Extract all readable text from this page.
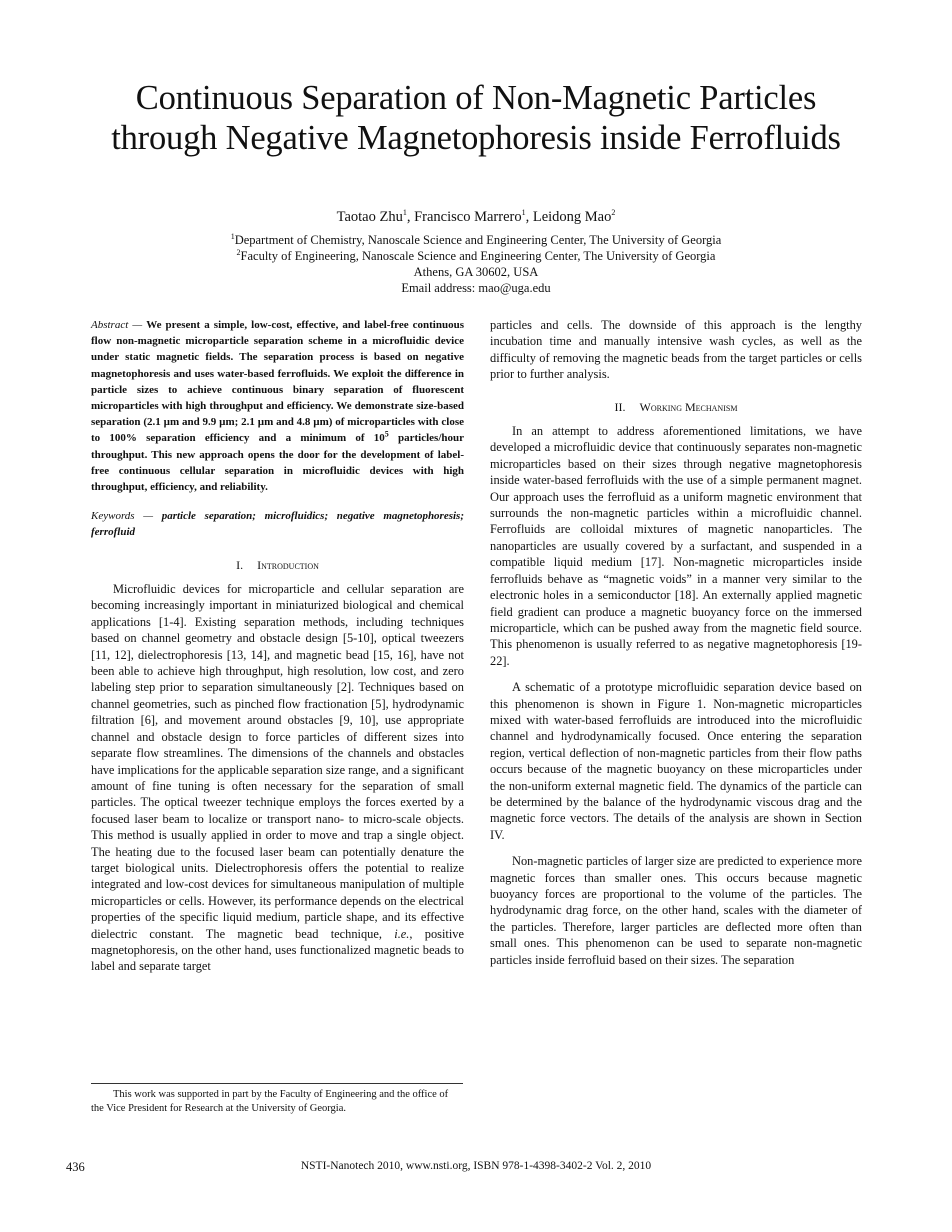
Continuous Separation of Non-Magnetic Particles
through Negative Magnetophoresis inside Ferrofluids
Taotao Zhu$^1$, Francisco Marrero$^1$, Leidong Mao$^2$
$^1$Department of Chemistry, Nanoscale Science and Engineering Center, The University of Georgia
$^2$Faculty of Engineering, Nanoscale Science and Engineering Center, The University of Georgia
Athens, GA 30602, USA
Email address: mao@uga.edu

Abstract — We present a simple, low-cost, effective, and label-free continuous flow non-magnetic microparticle separation scheme in a microfluidic device under static magnetic fields. The separation process is based on negative magnetophoresis and uses water-based ferrofluids. We exploit the difference in particle sizes to achieve continuous binary separation of fluorescent microparticles with high throughput and efficiency. We demonstrate size-based separation (2.1 µm and 9.9 µm; 2.1 µm and 4.8 µm) of microparticles with close to 100% separation efficiency and a minimum of $10^5$ particles/hour throughput. This new approach opens the door for the development of label-free continuous cellular separation in microfluidic devices with high throughput, efficiency, and reliability.

Keywords — particle separation; microfluidics; negative magnetophoresis; ferrofluid

I. Introduction

Microfluidic devices for microparticle and cellular separation are becoming increasingly important in miniaturized biological and chemical applications [1-4]. Existing separation methods, including techniques based on channel geometry and obstacle design [5-10], optical tweezers [11, 12], dielectrophoresis [13, 14], and magnetic bead [15, 16], have not been able to achieve high throughput, high resolution, low cost, and zero labeling step prior to separation simultaneously [2]. Techniques based on channel geometries, such as pinched flow fractionation [5], hydrodynamic filtration [6], and movement around obstacles [9, 10], use appropriate channel and obstacle design to force particles of different sizes into separate flow streamlines. The dimensions of the channels and obstacles have implications for the applicable separation size range, and a significant amount of fine tuning is often necessary for the separation of small particles. The optical tweezer technique employs the forces exerted by a focused laser beam to localize or transport nano- to micro-scale objects. This method is usually applied in order to move and trap a single object. The heating due to the focused laser beam can potentially denature the target biological units. Dielectrophoresis offers the potential to realize integrated and low-cost devices for simultaneous manipulation of multiple microparticles or cells. However, its performance depends on the electrical properties of the specific liquid medium, particle shape, and its effective dielectric constant. The magnetic bead technique, i.e., positive magnetophoresis, on the other hand, uses functionalized magnetic beads to label and separate target

particles and cells. The downside of this approach is the lengthy incubation time and manually intensive wash cycles, as well as the difficulty of removing the magnetic beads from the target particles or cells prior to further analysis.

II. Working Mechanism

In an attempt to address aforementioned limitations, we have developed a microfluidic device that continuously separates non-magnetic microparticles based on their sizes through negative magnetophoresis inside water-based ferrofluids with the use of a simple permanent magnet. Our approach uses the ferrofluid as a uniform magnetic environment that surrounds the non-magnetic particles within a microfluidic channel. Ferrofluids are colloidal mixtures of magnetic nanoparticles. The nanoparticles are usually covered by a surfactant, and suspended in a compatible liquid medium [17]. Non-magnetic microparticles inside ferrofluids behave as “magnetic voids” in a manner very similar to the electronic holes in a semiconductor [18]. An externally applied magnetic field gradient can produce a magnetic buoyancy force on the immersed microparticle, which can be pushed away from the magnetic field source. This phenomenon is usually referred to as negative magnetophoresis [19-22].

A schematic of a prototype microfluidic separation device based on this phenomenon is shown in Figure 1. Non-magnetic microparticles mixed with water-based ferrofluids are introduced into the microfluidic channel and hydrodynamically focused. Once entering the separation region, vertical deflection of non-magnetic particles from their flow paths occurs because of the magnetic buoyancy on these microparticles under the non-uniform external magnetic field. The dynamics of the particle can be determined by the balance of the hydrodynamic viscous drag and the magnetic force vectors. The details of the analysis are shown in Section IV.

Non-magnetic particles of larger size are predicted to experience more magnetic forces than smaller ones. This occurs because magnetic buoyancy forces are proportional to the volume of the particles. The hydrodynamic drag force, on the other hand, scales with the diameter of the particles. Therefore, larger particles are deflected more often than small ones. This phenomenon can be used to separate non-magnetic particles inside ferrofluid based on their sizes. The separation

This work was supported in part by the Faculty of Engineering and the office of the Vice President for Research at the University of Georgia.

436	NSTI-Nanotech 2010, www.nsti.org, ISBN 978-1-4398-3402-2 Vol. 2, 2010
